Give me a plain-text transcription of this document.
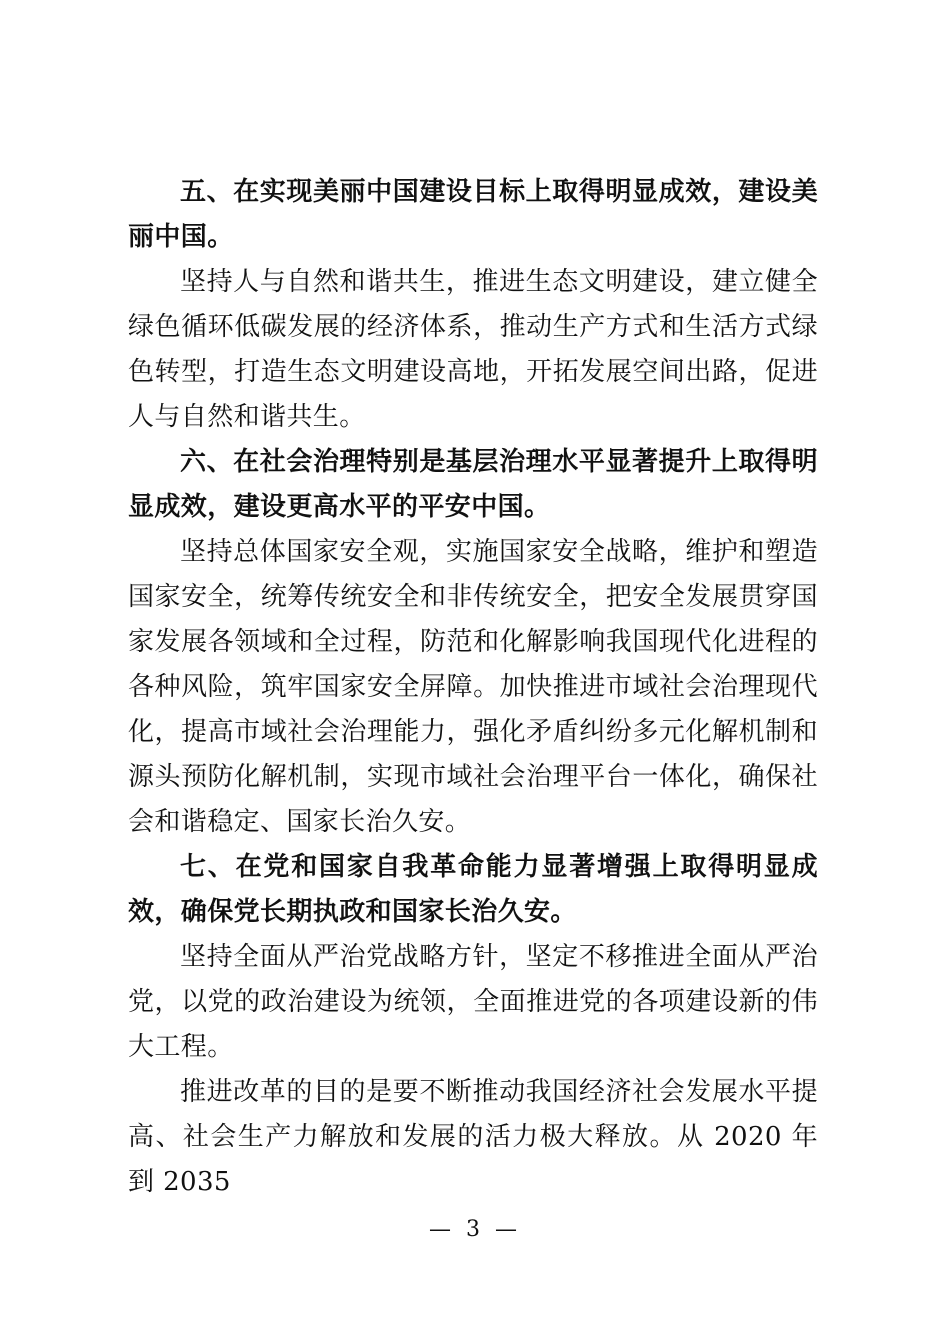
五、在实现美丽中国建设目标上取得明显成效，建设美丽中国。

坚持人与自然和谐共生，推进生态文明建设，建立健全绿色循环低碳发展的经济体系，推动生产方式和生活方式绿色转型，打造生态文明建设高地，开拓发展空间出路，促进人与自然和谐共生。

六、在社会治理特别是基层治理水平显著提升上取得明显成效，建设更高水平的平安中国。

坚持总体国家安全观，实施国家安全战略，维护和塑造国家安全，统筹传统安全和非传统安全，把安全发展贯穿国家发展各领域和全过程，防范和化解影响我国现代化进程的各种风险，筑牢国家安全屏障。加快推进市域社会治理现代化，提高市域社会治理能力，强化矛盾纠纷多元化解机制和源头预防化解机制，实现市域社会治理平台一体化，确保社会和谐稳定、国家长治久安。

七、在党和国家自我革命能力显著增强上取得明显成效，确保党长期执政和国家长治久安。

坚持全面从严治党战略方针，坚定不移推进全面从严治党，以党的政治建设为统领，全面推进党的各项建设新的伟大工程。

推进改革的目的是要不断推动我国经济社会发展水平提高、社会生产力解放和发展的活力极大释放。从 2020 年到 2035

— 3 —
